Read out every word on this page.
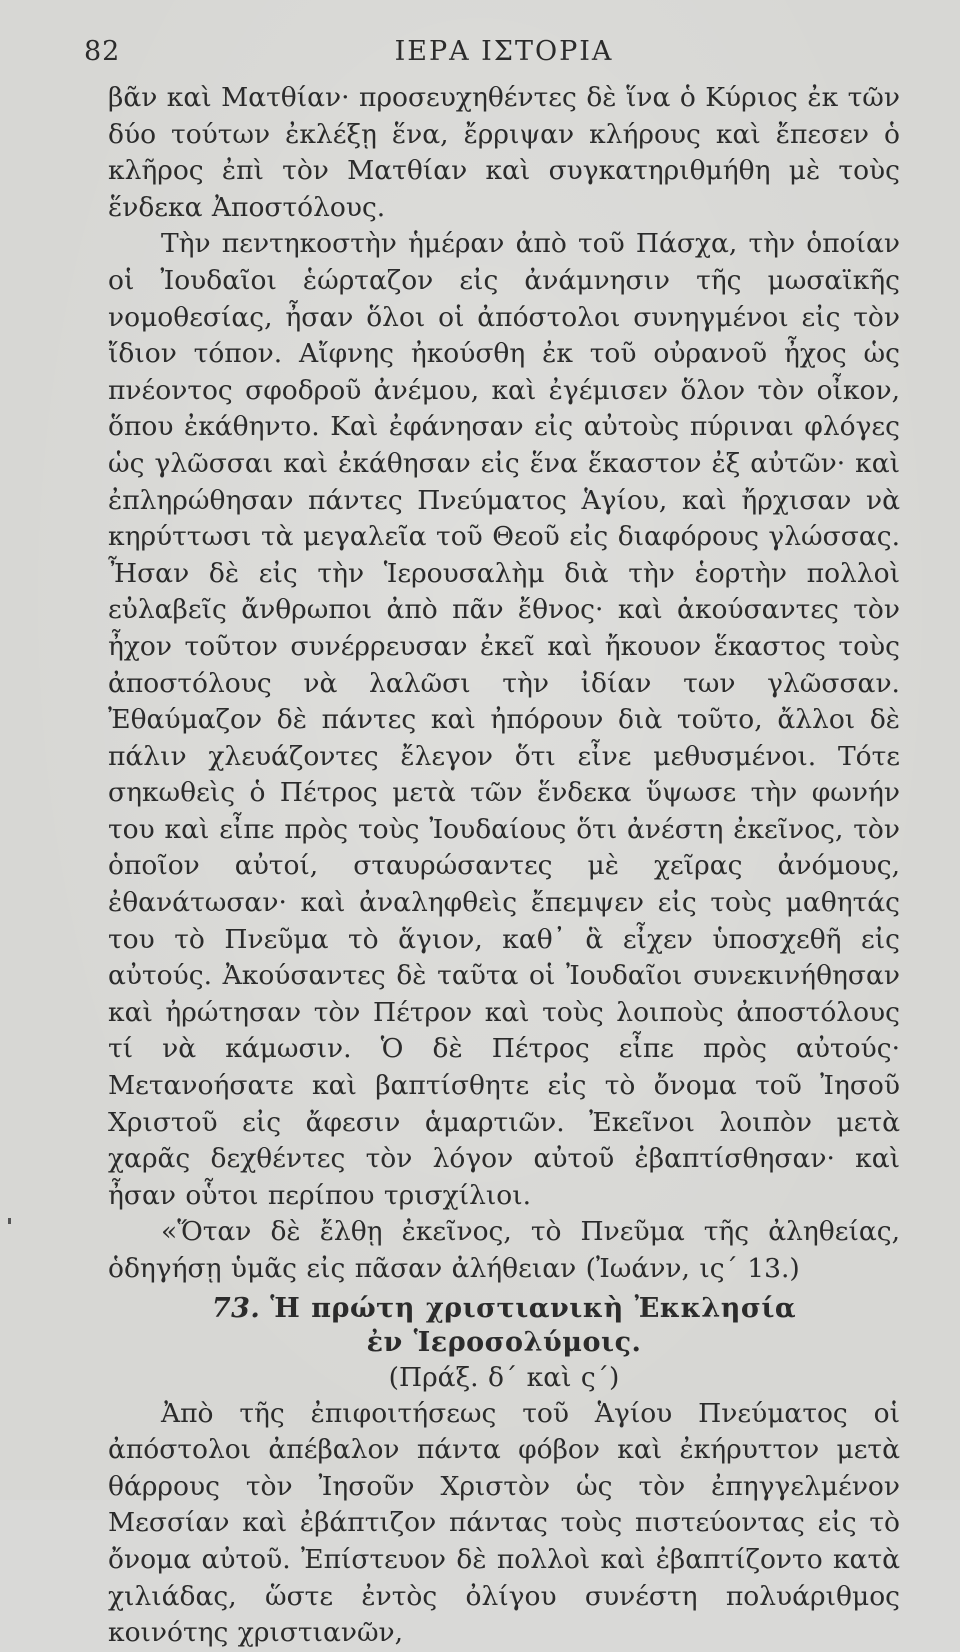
82	ΙΕΡΑ ΙΣΤΟΡΙΑ

βᾶν καὶ Ματθίαν· προσευχηθέντες δὲ ἵνα ὁ Κύριος ἐκ τῶν δύο τούτων ἐκλέξῃ ἕνα, ἔρριψαν κλήρους καὶ ἔπεσεν ὁ κλῆρος ἐπὶ τὸν Ματθίαν καὶ συγκατηριθμήθη μὲ τοὺς ἕνδεκα Ἀποστόλους.

Τὴν πεντηκοστὴν ἡμέραν ἀπὸ τοῦ Πάσχα, τὴν ὁποίαν οἱ Ἰουδαῖοι ἑώρταζον εἰς ἀνάμνησιν τῆς μωσαϊκῆς νομοθεσίας, ἦσαν ὅλοι οἱ ἀπόστολοι συνηγμένοι εἰς τὸν ἴδιον τόπον. Αἴφνης ἠκούσθη ἐκ τοῦ οὐρανοῦ ἦχος ὡς πνέοντος σφοδροῦ ἀνέμου, καὶ ἐγέμισεν ὅλον τὸν οἶκον, ὅπου ἐκάθηντο. Καὶ ἐφάνησαν εἰς αὐτοὺς πύριναι φλόγες ὡς γλῶσσαι καὶ ἐκάθησαν εἰς ἕνα ἕκαστον ἐξ αὐτῶν· καὶ ἐπληρώθησαν πάντες Πνεύματος Ἁγίου, καὶ ἤρχισαν νὰ κηρύττωσι τὰ μεγαλεῖα τοῦ Θεοῦ εἰς διαφόρους γλώσσας. Ἦσαν δὲ εἰς τὴν Ἱερουσαλὴμ διὰ τὴν ἑορτὴν πολλοὶ εὐλαβεῖς ἄνθρωποι ἀπὸ πᾶν ἔθνος· καὶ ἀκούσαντες τὸν ἦχον τοῦτον συνέρρευσαν ἐκεῖ καὶ ἤκουον ἕκαστος τοὺς ἀποστόλους νὰ λαλῶσι τὴν ἰδίαν των γλῶσσαν. Ἐθαύμαζον δὲ πάντες καὶ ἠπόρουν διὰ τοῦτο, ἄλλοι δὲ πάλιν χλευάζοντες ἔλεγον ὅτι εἶνε μεθυσμένοι. Τότε σηκωθεὶς ὁ Πέτρος μετὰ τῶν ἕνδεκα ὕψωσε τὴν φωνήν του καὶ εἶπε πρὸς τοὺς Ἰουδαίους ὅτι ἀνέστη ἐκεῖνος, τὸν ὁποῖον αὐτοί, σταυρώσαντες μὲ χεῖρας ἀνόμους, ἐθανάτωσαν· καὶ ἀναληφθεὶς ἔπεμψεν εἰς τοὺς μαθητάς του τὸ Πνεῦμα τὸ ἅγιον, καθ᾽ ἃ εἶχεν ὑποσχεθῆ εἰς αὐτούς. Ἀκούσαντες δὲ ταῦτα οἱ Ἰουδαῖοι συνεκινήθησαν καὶ ἠρώτησαν τὸν Πέτρον καὶ τοὺς λοιποὺς ἀποστόλους τί νὰ κάμωσιν. Ὁ δὲ Πέτρος εἶπε πρὸς αὐτούς· Μετανοήσατε καὶ βαπτίσθητε εἰς τὸ ὄνομα τοῦ Ἰησοῦ Χριστοῦ εἰς ἄφεσιν ἁμαρτιῶν. Ἐκεῖνοι λοιπὸν μετὰ χαρᾶς δεχθέντες τὸν λόγον αὐτοῦ ἐβαπτίσθησαν· καὶ ἦσαν οὗτοι περίπου τρισχίλιοι.

«Ὅταν δὲ ἔλθῃ ἐκεῖνος, τὸ Πνεῦμα τῆς ἀληθείας, ὁδηγήσῃ ὑμᾶς εἰς πᾶσαν ἀλήθειαν (Ἰωάνν, ις΄ 13.)

73. Ἡ πρώτη χριστιανικὴ Ἐκκλησία
ἐν Ἱεροσολύμοις.

(Πράξ. δ΄ καὶ ς΄)

Ἀπὸ τῆς ἐπιφοιτήσεως τοῦ Ἁγίου Πνεύματος οἱ ἀπόστολοι ἀπέβαλον πάντα φόβον καὶ ἐκήρυττον μετὰ θάρρους τὸν Ἰησοῦν Χριστὸν ὡς τὸν ἐπηγγελμένον Μεσσίαν καὶ ἐβάπτιζον πάντας τοὺς πιστεύοντας εἰς τὸ ὄνομα αὐτοῦ. Ἐπίστευον δὲ πολλοὶ καὶ ἐβαπτίζοντο κατὰ χιλιάδας, ὥστε ἐντὸς ὀλίγου συνέστη πολυάριθμος κοινότης χριστιανῶν,
